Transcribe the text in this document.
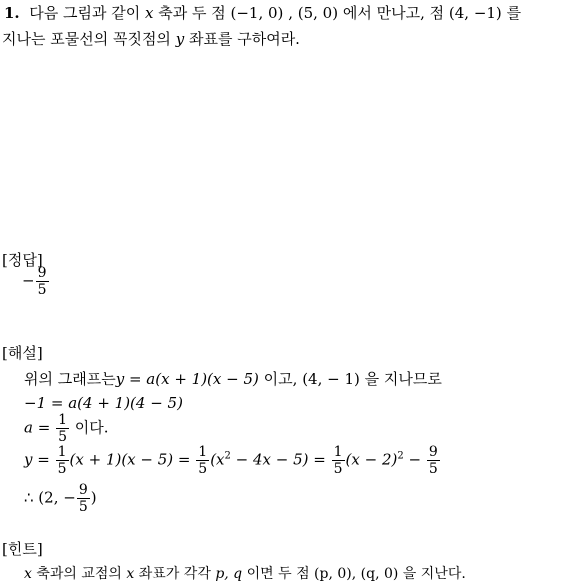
1. 다음 그림과 같이 x 축과 두 점 (−1, 0) , (5, 0) 에서 만나고, 점 (4, −1) 를
지나는 포물선의 꼭짓점의 y 좌표를 구하여라.
[정답]
− $\frac{9}{5}$
[해설]
위의 그래프는y = a(x + 1)(x − 5) 이고, (4, − 1) 을 지나므로
−1 = a(4 + 1)(4 − 5)
$a = \frac{1}{5}$ 이다.
$y = \frac{1}{5} (x + 1)(x - 5) = \frac{1}{5} (x^2 - 4x - 5) = \frac{1}{5} (x - 2)^2 - \frac{9}{5}$
∴ (2, − $\frac{9}{5}$ )
[힌트]
x 축과의 교점의 x 좌표가 각각 p, q 이면 두 점 (p, 0), (q, 0) 을 지난다.
